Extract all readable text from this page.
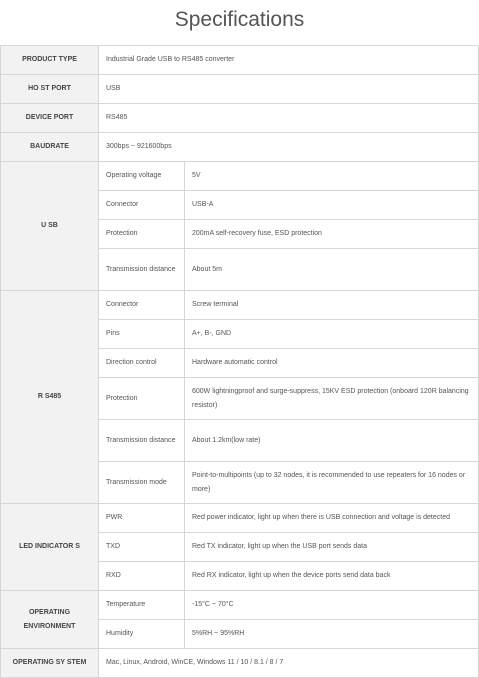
Specifications
PRODUCT TYPE	Industrial Grade USB to RS485 converter	
HO ST PORT	USB	
DEVICE PORT	RS485	
BAUDRATE	300bps ~ 921600bps	
U SB	Operating voltage	5V
	Connector	USB-A
	Protection	200mA self-recovery fuse, ESD protection
	Transmission distance	About 5m
R S485	Connector	Screw terminal
	Pins	A+, B-, GND
	Direction control	Hardware automatic control
	Protection	600W lightningproof and surge-suppress, 15KV ESD protection (onboard 120R balancing resistor)
	Transmission distance	About 1.2km(low rate)
	Transmission mode	Point-to-multipoints (up to 32 nodes, it is recommended to use repeaters for 16 nodes or more)
LED INDICATOR S	PWR	Red power indicator, light up when there is USB connection and voltage is detected
	TXD	Red TX indicator, light up when the USB port sends data
	RXD	Red RX indicator, light up when the device ports send data back
OPERATING ENVIRONMENT	Temperature	-15°C ~ 70°C
	Humidity	5%RH ~ 95%RH
OPERATING SY STEM	Mac, Linux, Android, WinCE, Windows 11 / 10 / 8.1 / 8 / 7	
